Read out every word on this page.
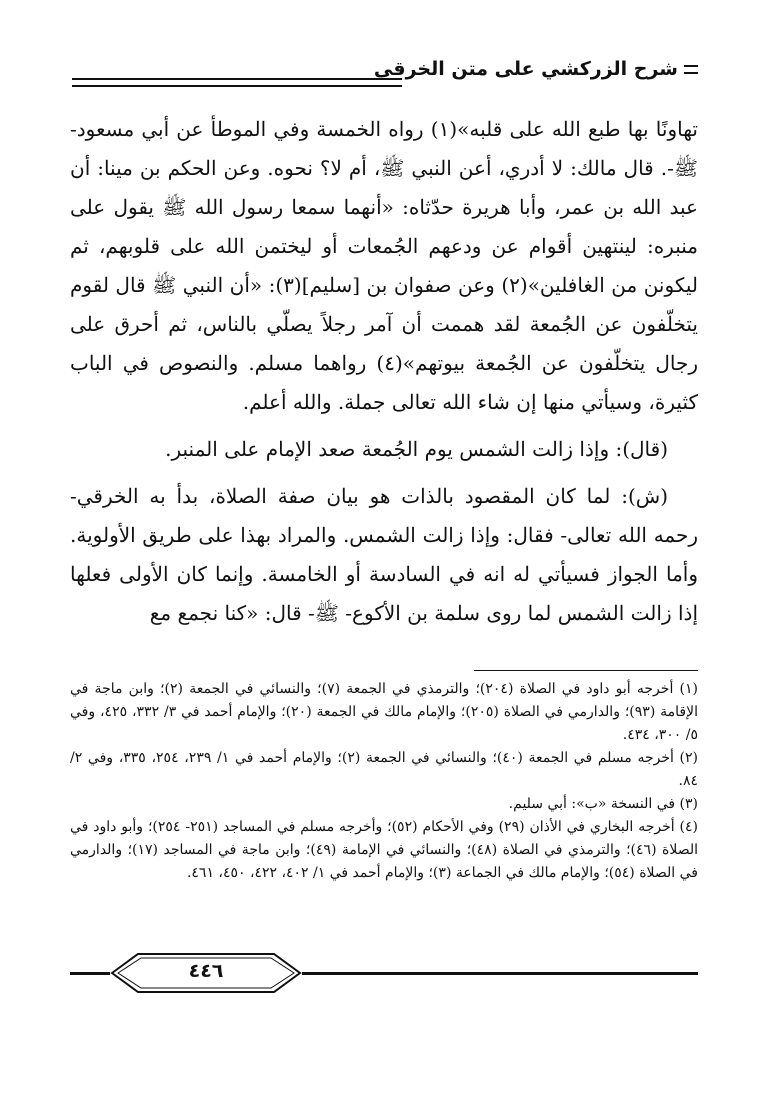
شرح الزركشي على متن الخرقي

تهاونًا بها طبع الله على قلبه»(١) رواه الخمسة وفي الموطأ عن أبي مسعود- ﷺ-. قال مالك: لا أدري، أعن النبي ﷺ، أم لا؟ نحوه. وعن الحكم بن مينا: أن عبد الله بن عمر، وأبا هريرة حدّثاه: «أنهما سمعا رسول الله ﷺ يقول على منبره: لينتهين أقوام عن ودعهم الجُمعات أو ليختمن الله على قلوبهم، ثم ليكونن من الغافلين»(٢) وعن صفوان بن [سليم](٣): «أن النبي ﷺ قال لقوم يتخلّفون عن الجُمعة لقد هممت أن آمر رجلاً يصلّي بالناس، ثم أحرق على رجال يتخلّفون عن الجُمعة بيوتهم»(٤) رواهما مسلم. والنصوص في الباب كثيرة، وسيأتي منها إن شاء الله تعالى جملة. والله أعلم.

(قال): وإذا زالت الشمس يوم الجُمعة صعد الإمام على المنبر.

(ش): لما كان المقصود بالذات هو بيان صفة الصلاة، بدأ به الخرقي- رحمه الله تعالى- فقال: وإذا زالت الشمس. والمراد بهذا على طريق الأولوية. وأما الجواز فسيأتي له انه في السادسة أو الخامسة. وإنما كان الأولى فعلها إذا زالت الشمس لما روى سلمة بن الأكوع- ﷺ- قال: «كنا نجمع مع

(١) أخرجه أبو داود في الصلاة (٢٠٤)؛ والترمذي في الجمعة (٧)؛ والنسائي في الجمعة (٢)؛ وابن ماجة في الإقامة (٩٣)؛ والدارمي في الصلاة (٢٠٥)؛ والإمام مالك في الجمعة (٢٠)؛ والإمام أحمد في ٣/ ٣٣٢، ٤٢٥، وفي ٥/ ٣٠٠، ٤٣٤.

(٢) أخرجه مسلم في الجمعة (٤٠)؛ والنسائي في الجمعة (٢)؛ والإمام أحمد في ١/ ٢٣٩، ٢٥٤، ٣٣٥، وفي ٢/ ٨٤.

(٣) في النسخة «ب»: أبي سليم.

(٤) أخرجه البخاري في الأذان (٢٩) وفي الأحكام (٥٢)؛ وأخرجه مسلم في المساجد (٢٥١- ٢٥٤)؛ وأبو داود في الصلاة (٤٦)؛ والترمذي في الصلاة (٤٨)؛ والنسائي في الإمامة (٤٩)؛ وابن ماجة في المساجد (١٧)؛ والدارمي في الصلاة (٥٤)؛ والإمام مالك في الجماعة (٣)؛ والإمام أحمد في ١/ ٤٠٢، ٤٢٢، ٤٥٠، ٤٦١.

٤٤٦
